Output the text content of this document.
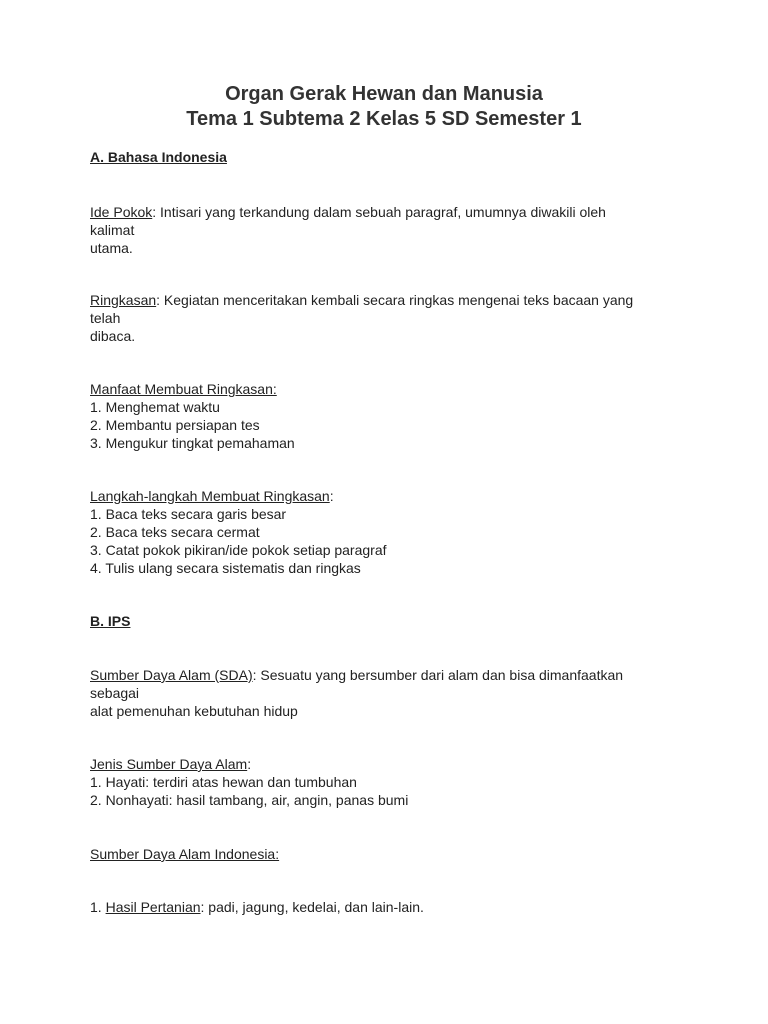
Organ Gerak Hewan dan Manusia
Tema 1 Subtema 2 Kelas 5 SD Semester 1
A. Bahasa Indonesia
Ide Pokok: Intisari yang terkandung dalam sebuah paragraf, umumnya diwakili oleh
kalimat
utama.
Ringkasan: Kegiatan menceritakan kembali secara ringkas mengenai teks bacaan yang
telah
dibaca.
Manfaat Membuat Ringkasan:
1. Menghemat waktu
2. Membantu persiapan tes
3. Mengukur tingkat pemahaman
Langkah-langkah Membuat Ringkasan:
1. Baca teks secara garis besar
2. Baca teks secara cermat
3. Catat pokok pikiran/ide pokok setiap paragraf
4. Tulis ulang secara sistematis dan ringkas
B. IPS
Sumber Daya Alam (SDA): Sesuatu yang bersumber dari alam dan bisa dimanfaatkan
sebagai
alat pemenuhan kebutuhan hidup
Jenis Sumber Daya Alam:
1. Hayati: terdiri atas hewan dan tumbuhan
2. Nonhayati: hasil tambang, air, angin, panas bumi
Sumber Daya Alam Indonesia:
1. Hasil Pertanian: padi, jagung, kedelai, dan lain-lain.
